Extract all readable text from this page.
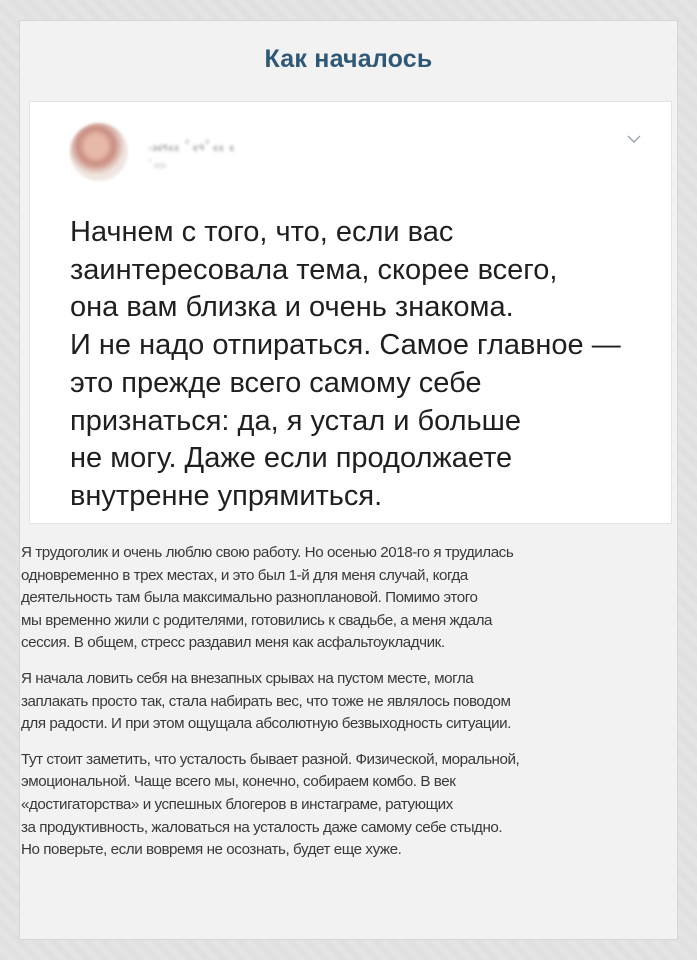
Как началось
·›‹᠊፡‹‹ ﾞ‹᠊፡ﾞ‹‹ ‹
ﾞ‹‹›
Начнем с того, что, если вас
заинтересовала тема, скорее всего,
она вам близка и очень знакома.
И не надо отпираться. Самое главное —
это прежде всего самому себе
признаться: да, я устал и больше
не могу. Даже если продолжаете
внутренне упрямиться.

Я трудоголик и очень люблю свою работу. Но осенью 2018-го я трудилась
одновременно в трех местах, и это был 1-й для меня случай, когда
деятельность там была максимально разноплановой. Помимо этого
мы временно жили с родителями, готовились к свадьбе, а меня ждала
сессия. В общем, стресс раздавил меня как асфальтоукладчик.

Я начала ловить себя на внезапных срывах на пустом месте, могла
заплакать просто так, стала набирать вес, что тоже не являлось поводом
для радости. И при этом ощущала абсолютную безвыходность ситуации.

Тут стоит заметить, что усталость бывает разной. Физической, моральной,
эмоциональной. Чаще всего мы, конечно, собираем комбо. В век
«достигаторства» и успешных блогеров в инстаграме, ратующих
за продуктивность, жаловаться на усталость даже самому себе стыдно.
Но поверьте, если вовремя не осознать, будет еще хуже.
